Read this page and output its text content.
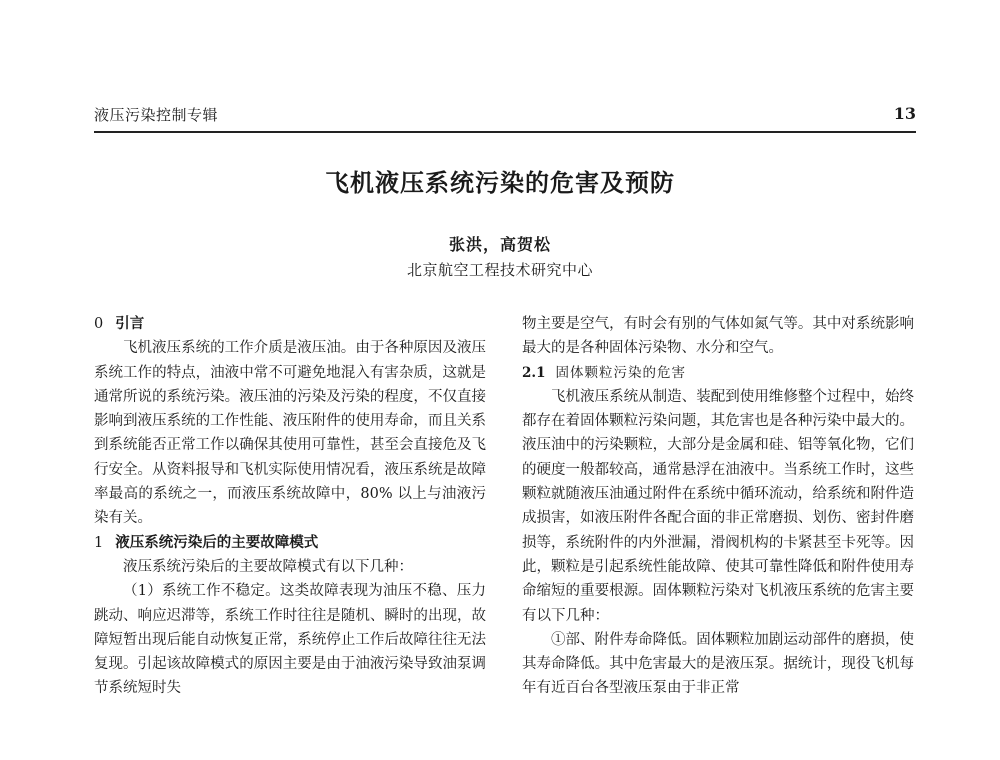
液压污染控制专辑	13
飞机液压系统污染的危害及预防
张洪，高贺松
北京航空工程技术研究中心

0 引言

飞机液压系统的工作介质是液压油。由于各种原因及液压系统工作的特点，油液中常不可避免地混入有害杂质，这就是通常所说的系统污染。液压油的污染及污染的程度，不仅直接影响到液压系统的工作性能、液压附件的使用寿命，而且关系到系统能否正常工作以确保其使用可靠性，甚至会直接危及飞行安全。从资料报导和飞机实际使用情况看，液压系统是故障率最高的系统之一，而液压系统故障中，80% 以上与油液污染有关。

1 液压系统污染后的主要故障模式

液压系统污染后的主要故障模式有以下几种：

（1）系统工作不稳定。这类故障表现为油压不稳、压力跳动、响应迟滞等，系统工作时往往是随机、瞬时的出现，故障短暂出现后能自动恢复正常，系统停止工作后故障往往无法复现。引起该故障模式的原因主要是由于油液污染导致油泵调节系统短时失

物主要是空气，有时会有别的气体如氮气等。其中对系统影响最大的是各种固体污染物、水分和空气。

2.1 固体颗粒污染的危害

飞机液压系统从制造、装配到使用维修整个过程中，始终都存在着固体颗粒污染问题，其危害也是各种污染中最大的。液压油中的污染颗粒，大部分是金属和硅、铝等氧化物，它们的硬度一般都较高，通常悬浮在油液中。当系统工作时，这些颗粒就随液压油通过附件在系统中循环流动，给系统和附件造成损害，如液压附件各配合面的非正常磨损、划伤、密封件磨损等，系统附件的内外泄漏，滑阀机构的卡紧甚至卡死等。因此，颗粒是引起系统性能故障、使其可靠性降低和附件使用寿命缩短的重要根源。固体颗粒污染对飞机液压系统的危害主要有以下几种：

①部、附件寿命降低。固体颗粒加剧运动部件的磨损，使其寿命降低。其中危害最大的是液压泵。据统计，现役飞机每年有近百台各型液压泵由于非正常
